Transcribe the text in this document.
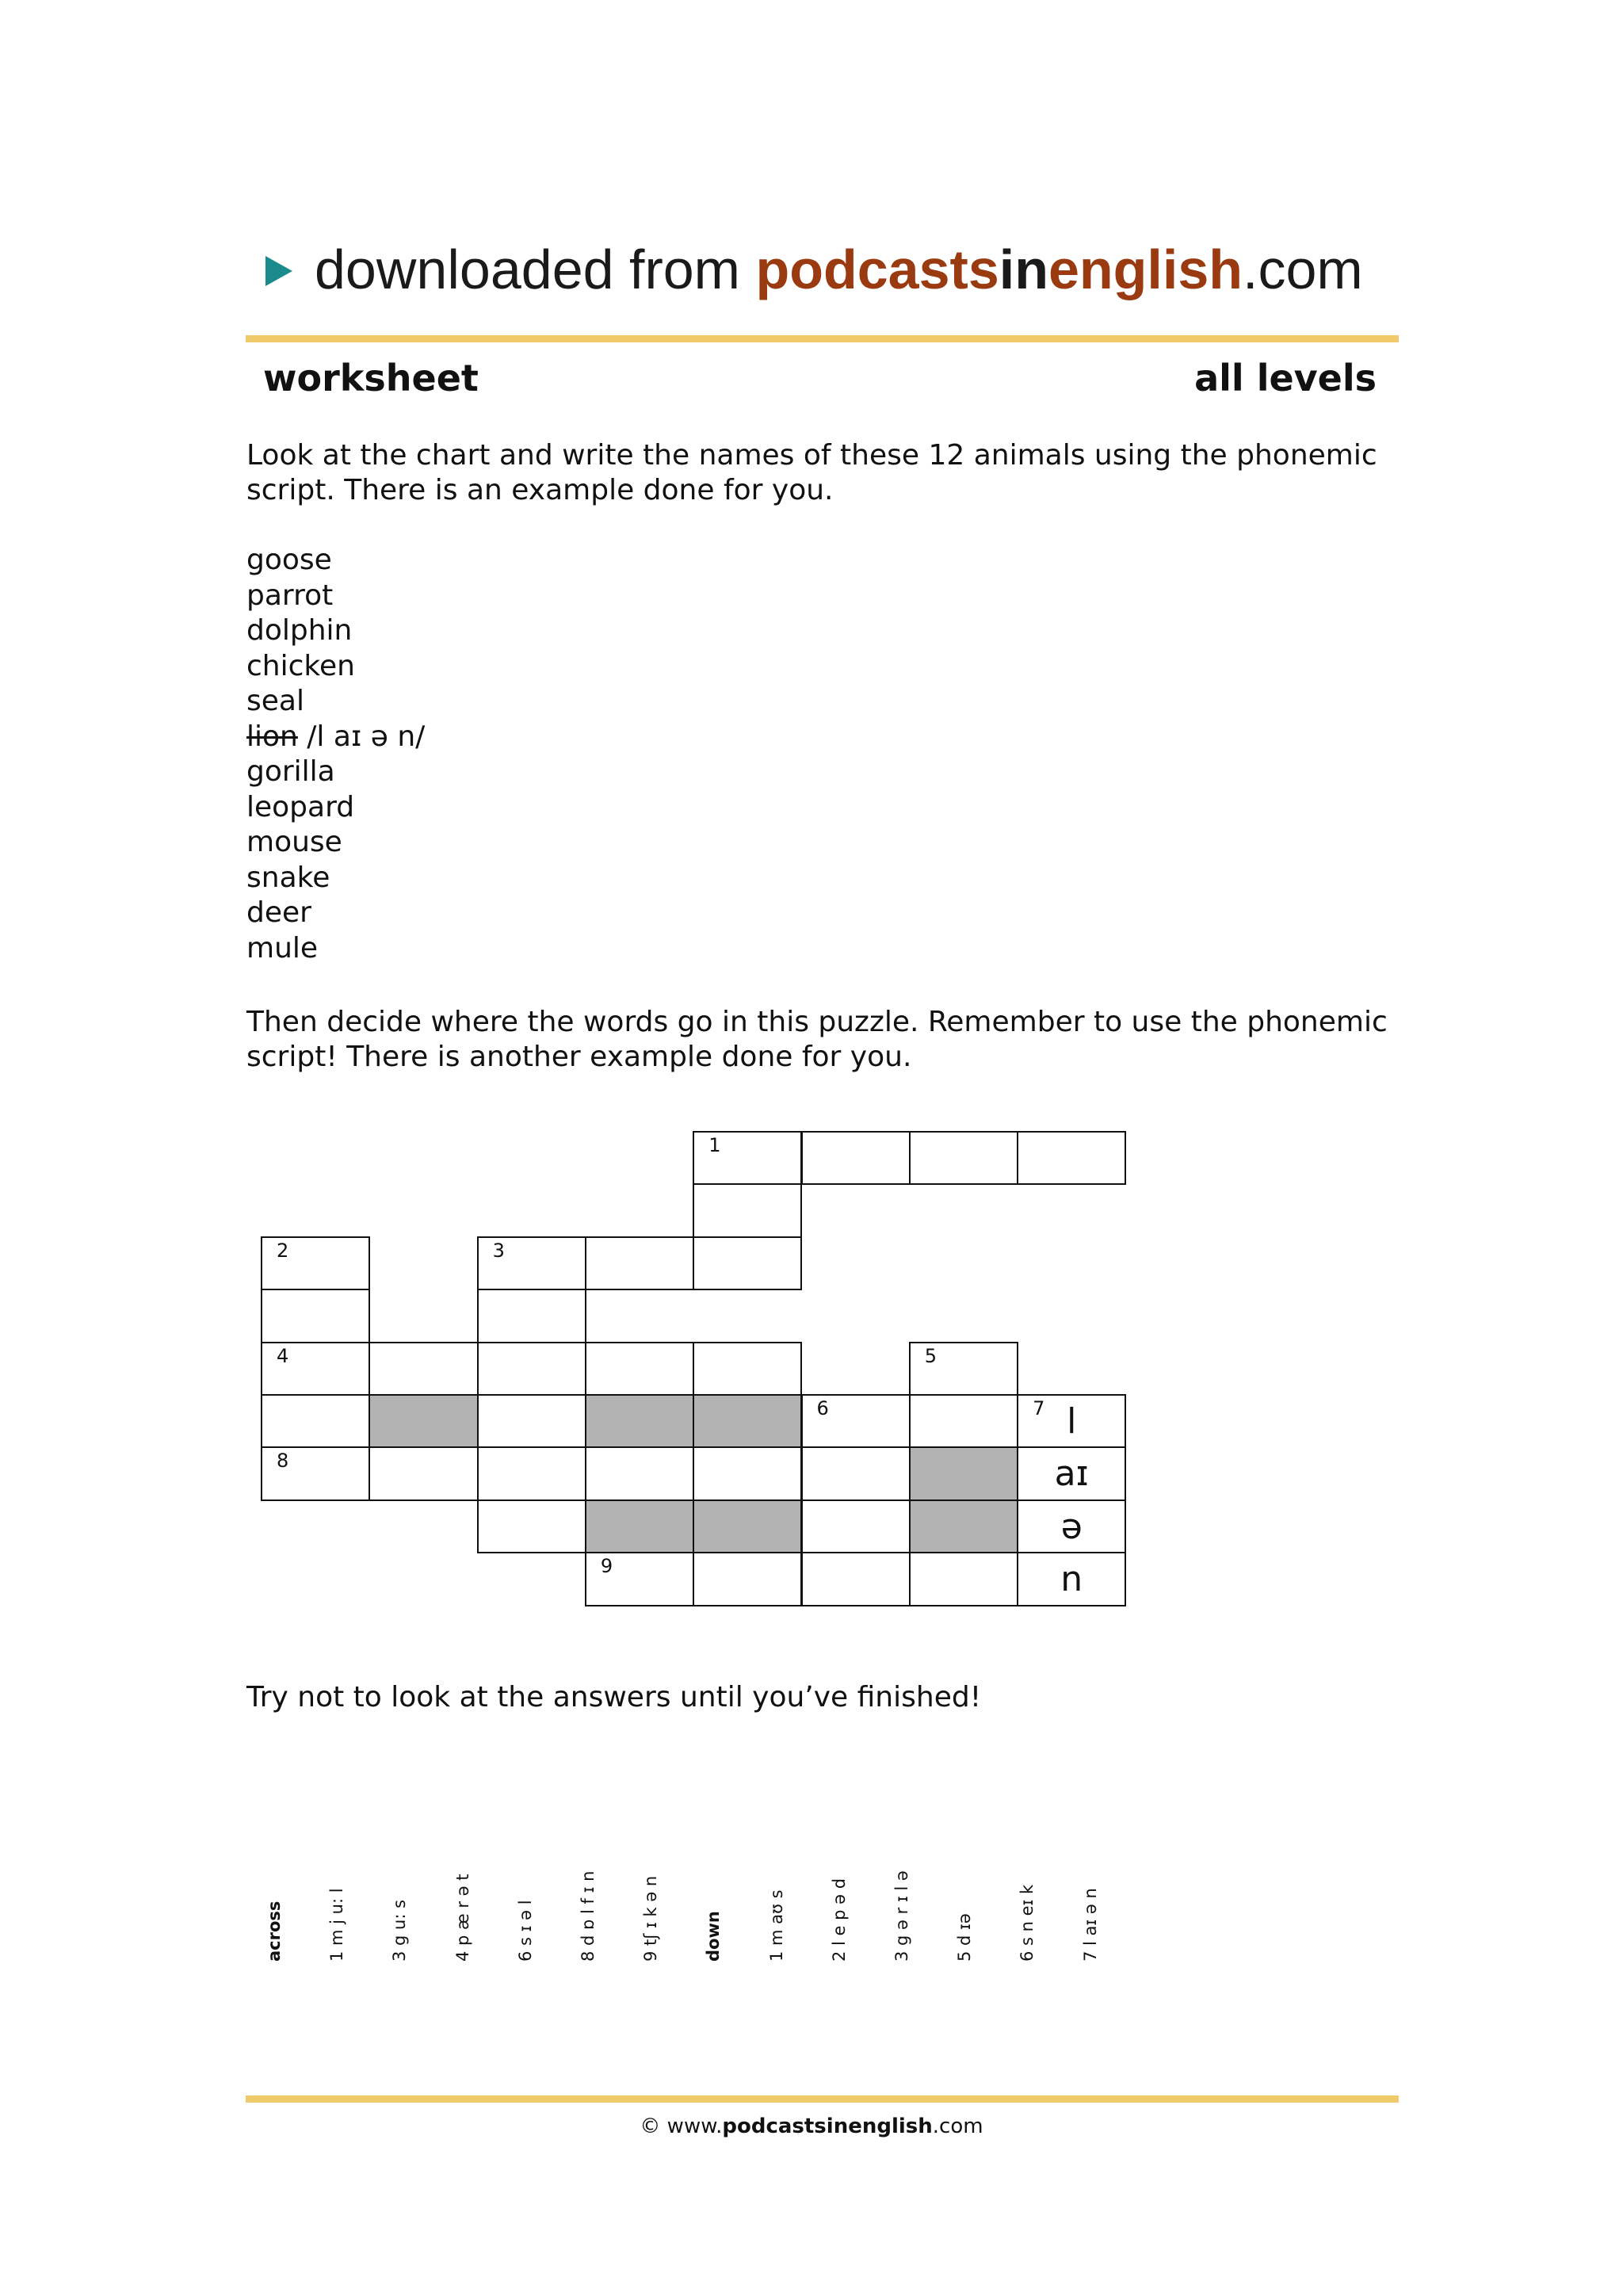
downloaded from podcastsinenglish.com
worksheet	all levels
Look at the chart and write the names of these 12 animals using the phonemic script. There is an example done for you.
goose
parrot
dolphin
chicken
seal
lion /l aɪ ə n/
gorilla
leopard
mouse
snake
deer
mule
Then decide where the words go in this puzzle. Remember to use the phonemic script! There is another example done for you.
1
2	3
4	5
6	7 l
8	aɪ
ə
9	n
Try not to look at the answers until you’ve finished!
across	1 m j u: l	3 g u: s	4 p æ r ə t	6 s ɪ ə l	8 d ɒ l f ɪ n	9 tʃ ɪ k ə n	down	1 m aʊ s	2 l e p ə d	3 g ə r ɪ l ə	5 d ɪə	6 s n eɪ k	7 l aɪ ə n
© www.podcastsinenglish.com
